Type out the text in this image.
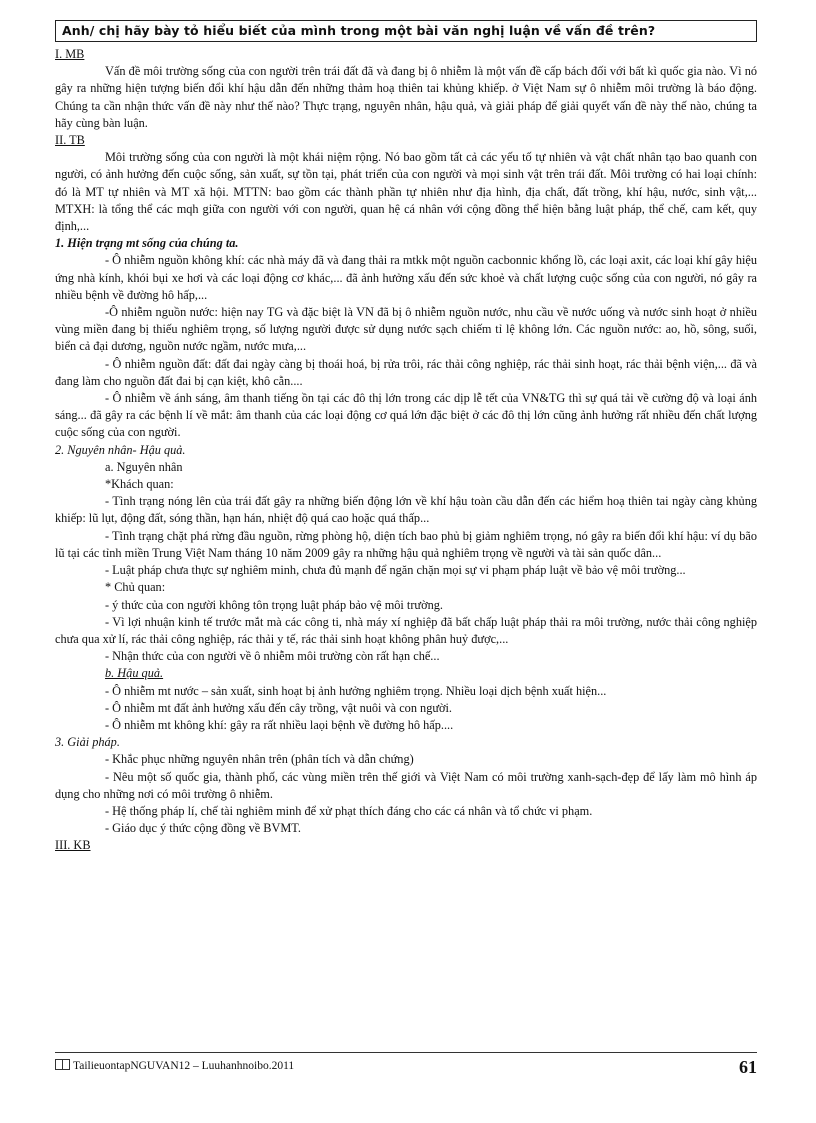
Anh/ chị hãy bày tỏ hiểu biết của mình trong một bài văn nghị luận về vấn đề trên?

I. MB

Vấn đề môi trường sống của con người trên trái đất đã và đang bị ô nhiễm là một vấn đề cấp bách đối với bất kì quốc gia nào. Vì nó gây ra những hiện tượng biến đổi khí hậu dẫn đến những thảm hoạ thiên tai khủng khiếp. ở Việt Nam sự ô nhiễm môi trường là báo động. Chúng ta cần nhận thức vấn đề này như thế nào? Thực trạng, nguyên nhân, hậu quả, và giải pháp để giải quyết vấn đề này thế nào, chúng ta hãy cùng bàn luận.

II. TB

Môi trường sống của con người là một khái niệm rộng. Nó bao gồm tất cả các yếu tố tự nhiên và vật chất nhân tạo bao quanh con người, có ảnh hưởng đến cuộc sống, sản xuất, sự tồn tại, phát triển của con người và mọi sinh vật trên trái đất. Môi trường có hai loại chính: đó là MT tự nhiên và MT xã hội. MTTN: bao gồm các thành phần tự nhiên như địa hình, địa chất, đất trồng, khí hậu, nước, sinh vật,... MTXH: là tổng thể các mqh giữa con người với con người, quan hệ cá nhân với cộng đồng thể hiện bằng luật pháp, thể chế, cam kết, quy định,...

1. Hiện trạng mt sống của chúng ta.

- Ô nhiễm nguồn không khí: các nhà máy đã và đang thải ra mtkk một nguồn cacbonnic khổng lồ, các loại axit, các loại khí gây hiệu ứng nhà kính, khói bụi xe hơi và các loại động cơ khác,... đã ảnh hưởng xấu đến sức khoẻ và chất lượng cuộc sống của con người, nó gây ra nhiều bệnh về đường hô hấp,...

-Ô nhiễm nguồn nước: hiện nay TG và đặc biệt là VN đã bị ô nhiễm nguồn nước, nhu cầu về nước uống và nước sinh hoạt ở nhiều vùng miền đang bị thiếu nghiêm trọng, số lượng người được sử dụng nước sạch chiếm tỉ lệ không lớn. Các nguồn nước: ao, hồ, sông, suối, biển cả đại dương, nguồn nước ngầm, nước mưa,...

- Ô nhiễm nguồn đất: đất đai ngày càng bị thoái hoá, bị rửa trôi, rác thải công nghiệp, rác thải sinh hoạt, rác thải bệnh viện,... đã và đang làm cho nguồn đất đai bị cạn kiệt, khô cằn....

- Ô nhiễm về ánh sáng, âm thanh tiếng ồn tại các đô thị lớn trong các dịp lễ tết của VN&TG thì sự quá tải về cường độ và loại ánh sáng... đã gây ra các bệnh lí về mắt: âm thanh của các loại động cơ quá lớn đặc biệt ở các đô thị lớn cũng ảnh hưởng rất nhiều đến chất lượng cuộc sống của con người.

2. Nguyên nhân- Hậu quả.

a. Nguyên nhân

*Khách quan:

- Tình trạng nóng lên của trái đất gây ra những biến động lớn về khí hậu toàn cầu dẫn đến các hiểm hoạ thiên tai ngày càng khủng khiếp: lũ lụt, động đất, sóng thần, hạn hán, nhiệt độ quá cao hoặc quá thấp...

- Tình trạng chặt phá rừng đầu nguồn, rừng phòng hộ, diện tích bao phủ bị giảm nghiêm trọng, nó gây ra biến đổi khí hậu: ví dụ bão lũ tại các tỉnh miền Trung Việt Nam tháng 10 năm 2009 gây ra những hậu quả nghiêm trọng về người và tài sản quốc dân...

- Luật pháp chưa thực sự nghiêm minh, chưa đủ mạnh để ngăn chặn mọi sự vi phạm pháp luật về bảo vệ môi trường...

* Chủ quan:

- ý thức của con người không tôn trọng luật pháp bảo vệ môi trường.

- Vì lợi nhuận kinh tế trước mắt mà các công ti, nhà máy xí nghiệp đã bất chấp luật pháp thải ra môi trường, nước thải công nghiệp chưa qua xử lí, rác thải công nghiệp, rác thải y tế, rác thải sinh hoạt không phân huỷ được,...

- Nhận thức của con người về ô nhiễm môi trường còn rất hạn chế...

b. Hậu quả.

- Ô nhiễm mt nước – sản xuất, sinh hoạt bị ảnh hưởng nghiêm trọng. Nhiều loại dịch bệnh xuất hiện...

- Ô nhiễm mt đất ảnh hưởng xấu đến cây trồng, vật nuôi và con người.

- Ô nhiễm mt không khí: gây ra rất nhiều laọi bệnh về đường hô hấp....

3. Giải pháp.

- Khắc phục những nguyên nhân trên (phân tích và dẫn chứng)

- Nêu một số quốc gia, thành phố, các vùng miền trên thế giới và Việt Nam có môi trường xanh-sạch-đẹp để lấy làm mô hình áp dụng cho những nơi có môi trường ô nhiễm.

- Hệ thống pháp lí, chế tài nghiêm minh để xử phạt thích đáng cho các cá nhân và tổ chức vi phạm.

- Giáo dục ý thức cộng đồng về BVMT.

III. KB

TailieuontapNGUVAN12 – Luuhanhnoibo.2011	61
